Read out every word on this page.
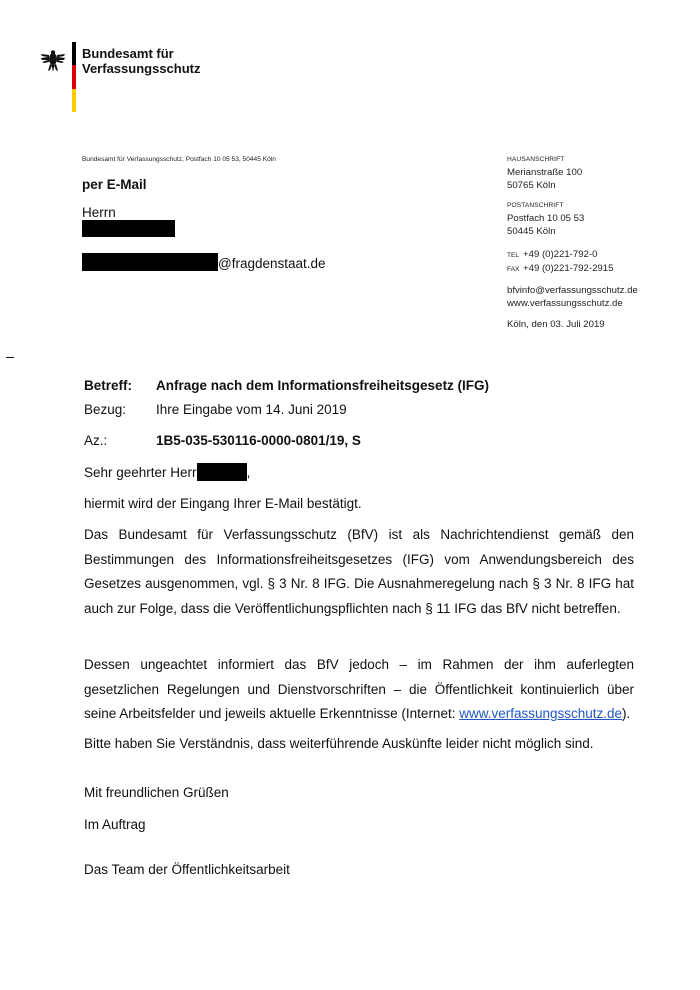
Bundesamt für
Verfassungsschutz
Bundesamt für Verfassungsschutz, Postfach 10 05 53, 50445 Köln
per E-Mail
Herrn
@fragdenstaat.de
HAUSANSCHRIFT
Merianstraße 100
50765 Köln
POSTANSCHRIFT
Postfach 10 05 53
50445 Köln
TEL +49 (0)221-792-0
FAX +49 (0)221-792-2915
bfvinfo@verfassungsschutz.de
www.verfassungsschutz.de
Köln, den 03. Juli 2019
Betreff: Anfrage nach dem Informationsfreiheitsgesetz (IFG)
Bezug: Ihre Eingabe vom 14. Juni 2019
Az.:	1B5-035-530116-0000-0801/19, S
Sehr geehrter Herr	,
hiermit wird der Eingang Ihrer E-Mail bestätigt.
Das Bundesamt für Verfassungsschutz (BfV) ist als Nachrichtendienst gemäß den Bestimmungen des Informationsfreiheitsgesetzes (IFG) vom Anwendungsbereich des Gesetzes ausgenommen, vgl. § 3 Nr. 8 IFG. Die Ausnahmeregelung nach § 3 Nr. 8 IFG hat auch zur Folge, dass die Veröffentlichungspflichten nach § 11 IFG das BfV nicht betreffen.
Dessen ungeachtet informiert das BfV jedoch – im Rahmen der ihm auferlegten gesetzlichen Regelungen und Dienstvorschriften – die Öffentlichkeit kontinuierlich über seine Arbeitsfelder und jeweils aktuelle Erkenntnisse (Internet: www.verfassungsschutz.de).
Bitte haben Sie Verständnis, dass weiterführende Auskünfte leider nicht möglich sind.
Mit freundlichen Grüßen
Im Auftrag
Das Team der Öffentlichkeitsarbeit
